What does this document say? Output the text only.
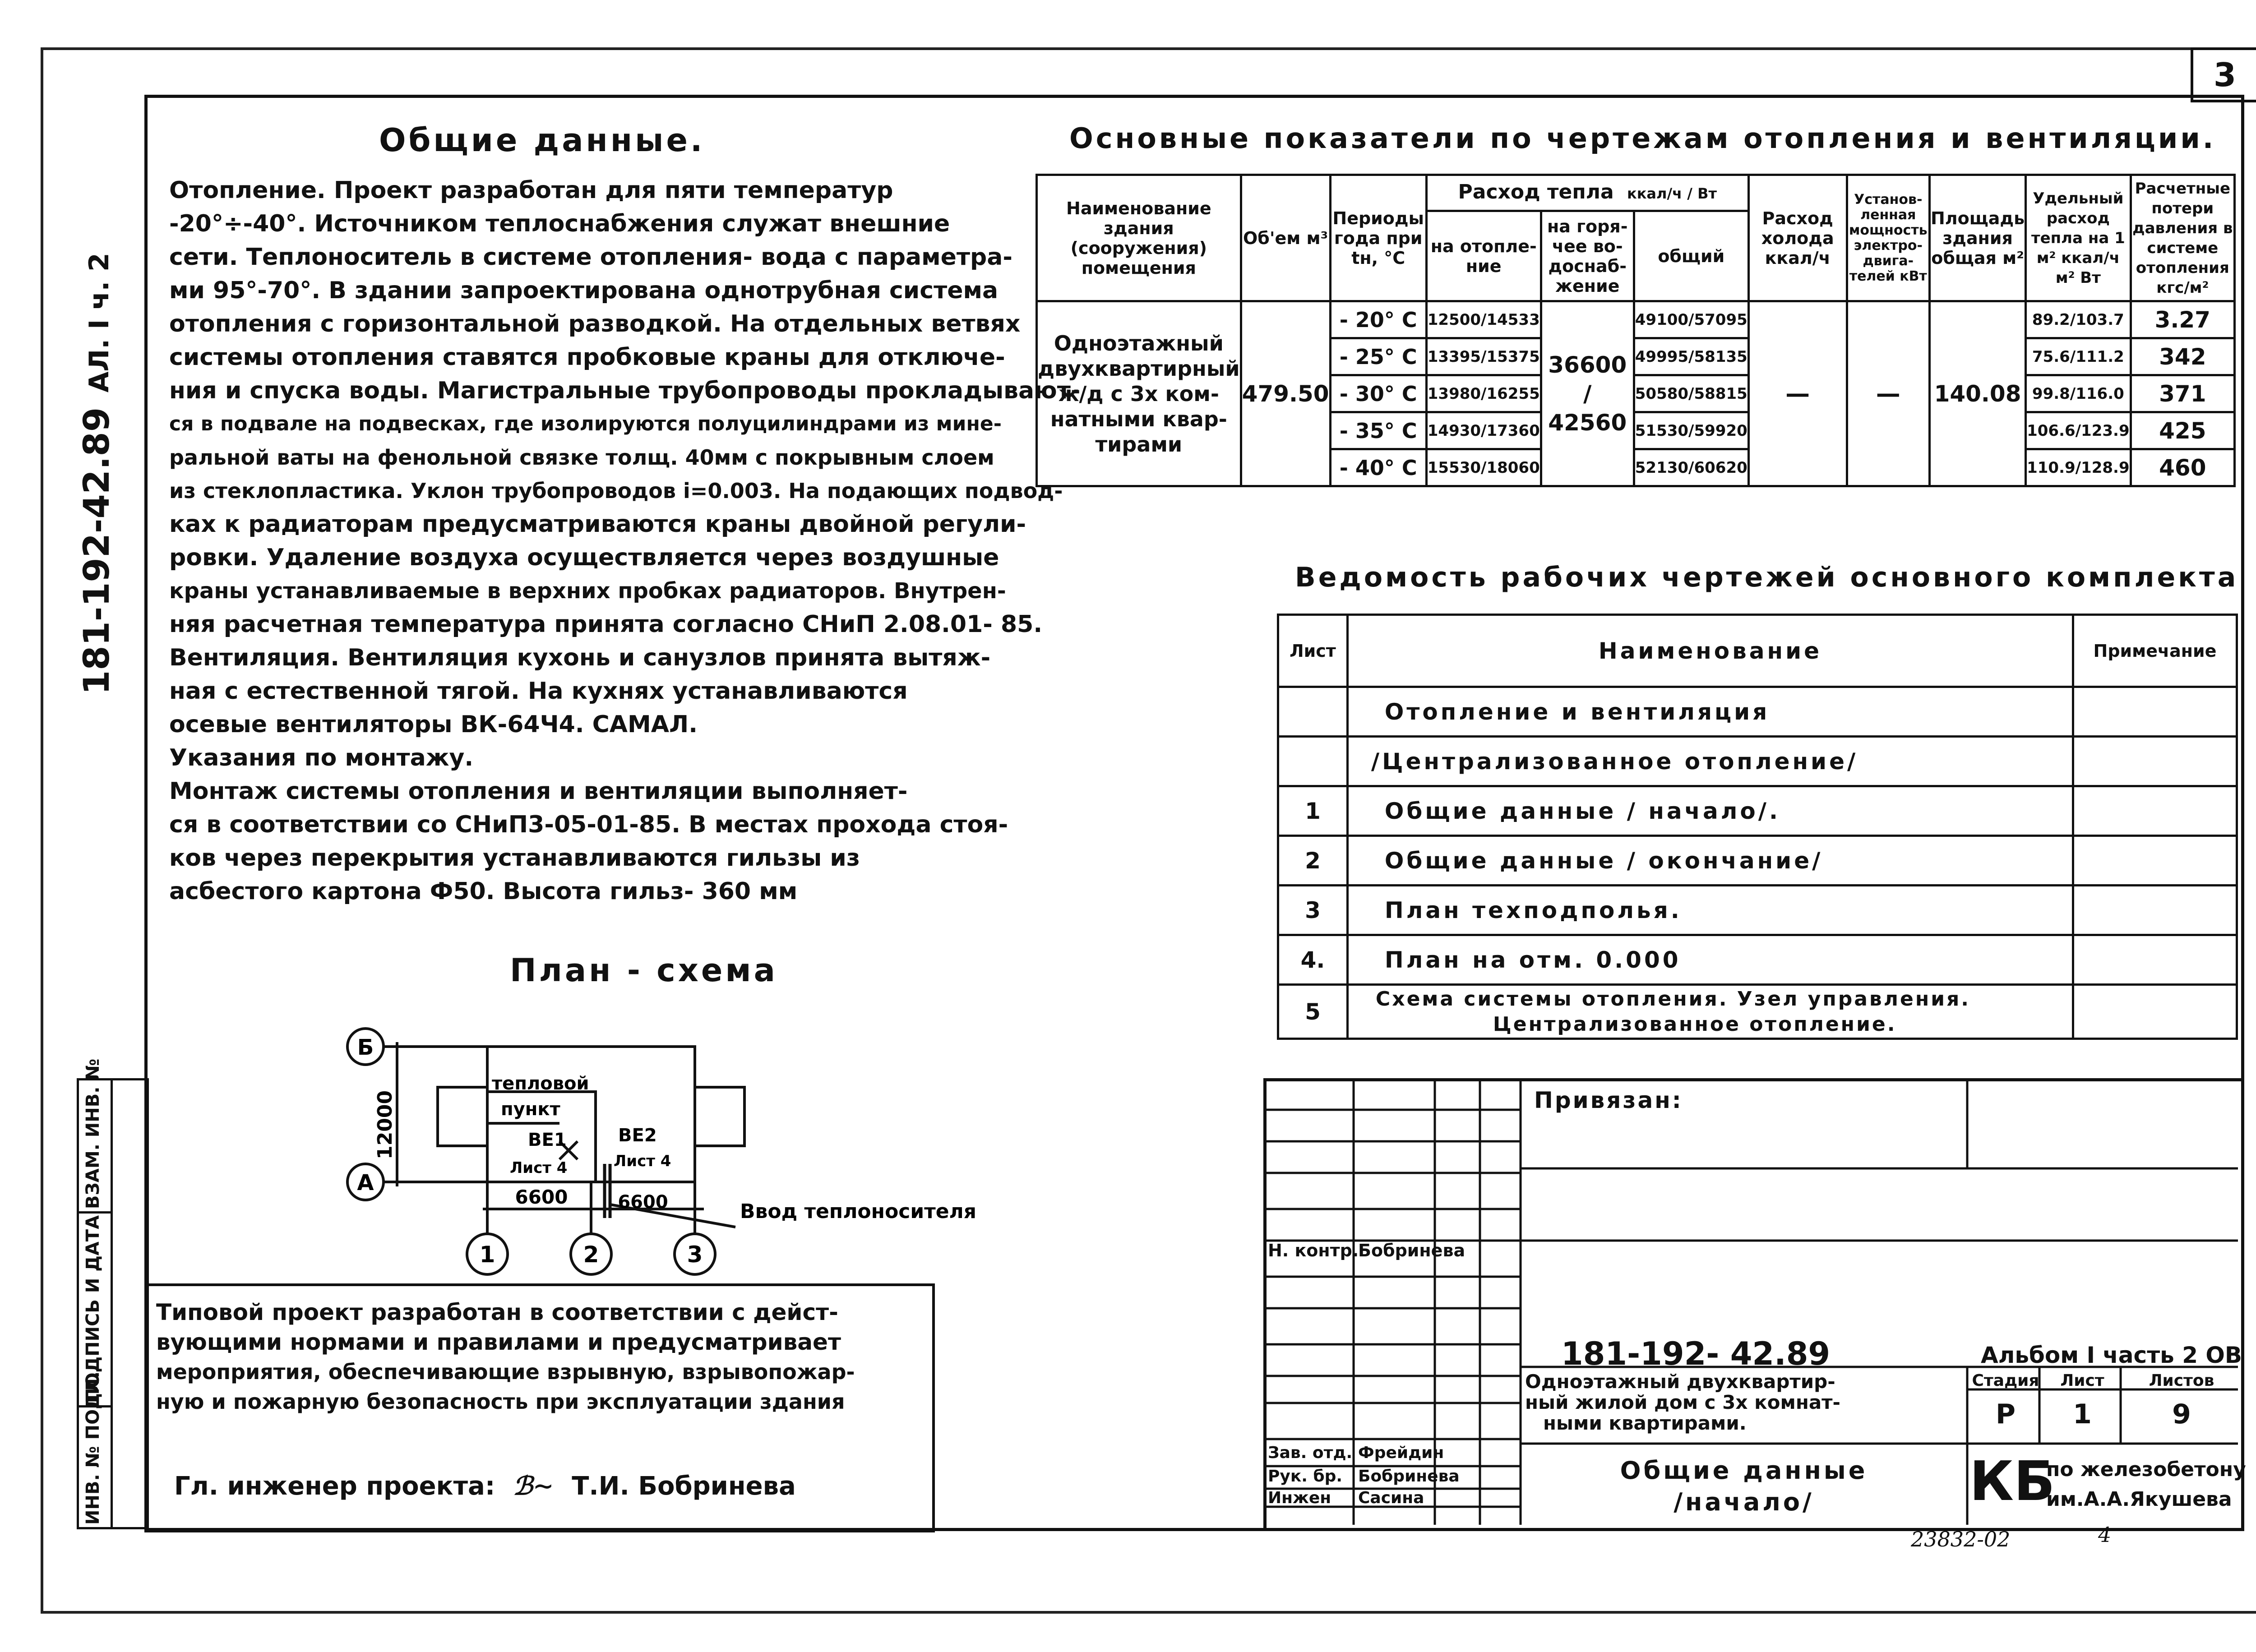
3
АЛ. I ч. 2
181-192-42.89
ВЗАМ. ИНВ. №
ПОДПИСЬ И ДАТА
ИНВ. № ПОДЛ.
Общие данные.
Отопление. Проект разработан для пяти температур
-20°÷-40°. Источником теплоснабжения служат внешние
сети. Теплоноситель в системе отопления- вода с параметра-
ми 95°-70°. В здании запроектирована однотрубная система
отопления с горизонтальной разводкой. На отдельных ветвях
системы отопления ставятся пробковые краны для отключе-
ния и спуска воды. Магистральные трубопроводы прокладывают-
ся в подвале на подвесках, где изолируются полуцилиндрами из мине-
ральной ваты на фенольной связке толщ. 40мм с покрывным слоем
из стеклопластика. Уклон трубопроводов i=0.003. На подающих подвод-
ках к радиаторам предусматриваются краны двойной регули-
ровки. Удаление воздуха осуществляется через воздушные
краны устанавливаемые в верхних пробках радиаторов. Внутрен-
няя расчетная температура принята согласно СНиП 2.08.01- 85.
Вентиляция. Вентиляция кухонь и санузлов принята вытяж-
ная с естественной тягой. На кухнях устанавливаются
осевые вентиляторы ВК-64Ч4. САМАЛ.
Указания по монтажу.
Монтаж системы отопления и вентиляции выполняет-
ся в соответствии со СНиП3-05-01-85. В местах прохода стоя-
ков через перекрытия устанавливаются гильзы из
асбестого картона Ф50. Высота гильз- 360 мм
Основные показатели по чертежам отопления и вентиляции.
Наименование здания (сооружения) помещения	Об'ем м³	Периоды года при tн, °C	Расход тепла ккал/ч / Вт			Расход холода ккал/ч	Установ- ленная мощность электро- двига- телей кВт	Площадь здания общая м²	Удельный расход тепла на 1 м² ккал/ч м² Вт	Расчетные потери давления в системе отопления кгс/м²
			на отопле- ние	на горя- чее во- доснаб- жение	общий					

Одноэтажный двухквартирный ж/д с 3х ком- натными квар- тирами	479.50	- 20° C	12500/14533	36600 / 42560	49100/57095	—	—	140.08	89.2/103.7	3.27
		- 25° C	13395/15375		49995/58135				75.6/111.2	342
		- 30° C	13980/16255		50580/58815				99.8/116.0	371
		- 35° C	14930/17360		51530/59920				106.6/123.9	425
		- 40° C	15530/18060		52130/60620				110.9/128.9	460
Ведомость рабочих чертежей основного комплекта
Лист	Наименование	Примечание
	Отопление и вентиляция	
	/Централизованное отопление/	
1	Общие данные / начало/.	
2	Общие данные / окончание/	
3	План техподполья.	
4.	План на отм. 0.000	
5	Схема системы отопления. Узел управления.
Централизованное отопление.	

План - схема
Б
А
1	2	3
12000
6600	6600
тепловой
пункт
ВЕ1	ВЕ2
Лист 4	Лист 4
Ввод теплоносителя
Типовой проект разработан в соответствии с дейст-
вующими нормами и правилами и предусматривает
мероприятия, обеспечивающие взрывную, взрывопожар-
ную и пожарную безопасность при эксплуатации здания
Гл. инженер проекта: ℬ∼ Т.И. Бобринева
Н. контр.
Бобринева
Зав. отд. Фрейдин
Рук. бр. Бобринева
Инжен Сасина
Привязан:
181-192- 42.89	Альбом I часть 2 ОВ
Одноэтажный двухквартир-
ный жилой дом с 3х комнат-
ными квартирами.
Стадия	Лист	Листов
Р	1	9
Общие данные
/начало/	КБ
по железобетону
им.А.А.Якушева
23832-02	4
